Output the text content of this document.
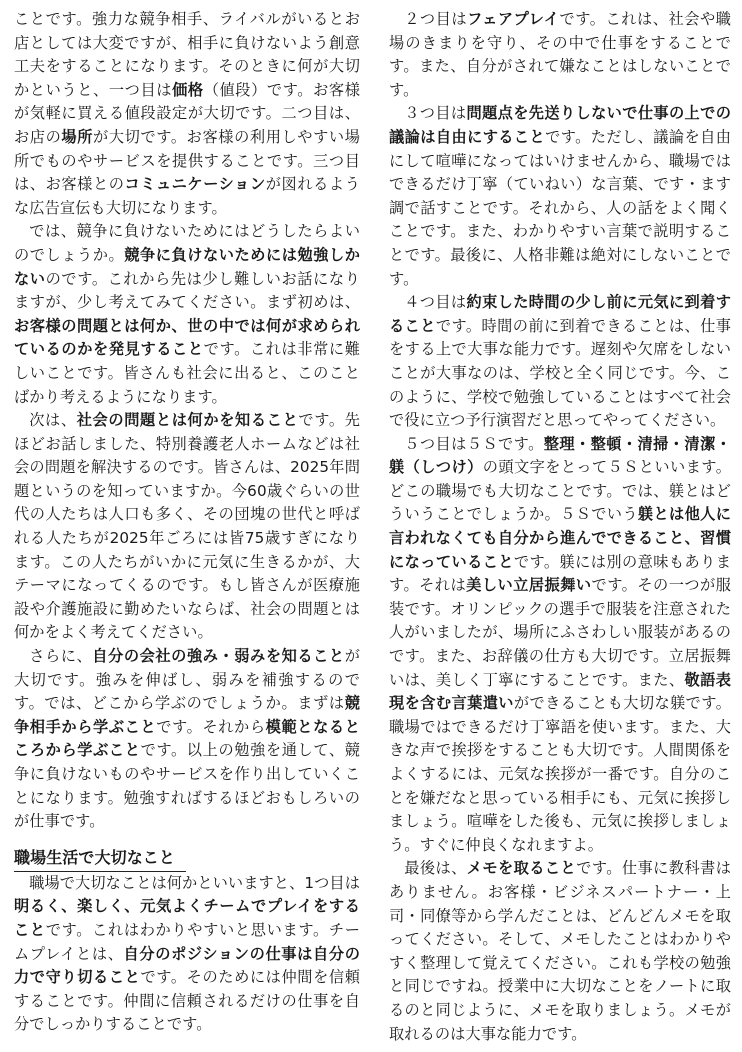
ことです。強力な競争相手、ライバルがいるとお店としては大変ですが、相手に負けないよう創意工夫をすることになります。そのときに何が大切かというと、一つ目は価格（値段）です。お客様が気軽に買える値段設定が大切です。二つ目は、お店の場所が大切です。お客様の利用しやすい場所でものやサービスを提供することです。三つ目は、お客様とのコミュニケーションが図れるような広告宣伝も大切になります。

では、競争に負けないためにはどうしたらよいのでしょうか。競争に負けないためには勉強しかないのです。これから先は少し難しいお話になりますが、少し考えてみてください。まず初めは、お客様の問題とは何か、世の中では何が求められているのかを発見することです。これは非常に難しいことです。皆さんも社会に出ると、このことばかり考えるようになります。

次は、社会の問題とは何かを知ることです。先ほどお話しました、特別養護老人ホームなどは社会の問題を解決するのです。皆さんは、2025年問題というのを知っていますか。今60歳ぐらいの世代の人たちは人口も多く、その団塊の世代と呼ばれる人たちが2025年ごろには皆75歳すぎになります。この人たちがいかに元気に生きるかが、大テーマになってくるのです。もし皆さんが医療施設や介護施設に勤めたいならば、社会の問題とは何かをよく考えてください。

さらに、自分の会社の強み・弱みを知ることが大切です。強みを伸ばし、弱みを補強するのです。では、どこから学ぶのでしょうか。まずは競争相手から学ぶことです。それから模範となるところから学ぶことです。以上の勉強を通して、競争に負けないものやサービスを作り出していくことになります。勉強すればするほどおもしろいのが仕事です。

職場生活で大切なこと

職場で大切なことは何かといいますと、1つ目は明るく、楽しく、元気よくチームでプレイをすることです。これはわかりやすいと思います。チームプレイとは、自分のポジションの仕事は自分の力で守り切ることです。そのためには仲間を信頼することです。仲間に信頼されるだけの仕事を自分でしっかりすることです。

２つ目はフェアプレイです。これは、社会や職場のきまりを守り、その中で仕事をすることです。また、自分がされて嫌なことはしないことです。

３つ目は問題点を先送りしないで仕事の上での議論は自由にすることです。ただし、議論を自由にして喧嘩になってはいけませんから、職場ではできるだけ丁寧（ていねい）な言葉、です・ます調で話すことです。それから、人の話をよく聞くことです。また、わかりやすい言葉で説明することです。最後に、人格非難は絶対にしないことです。

４つ目は約束した時間の少し前に元気に到着することです。時間の前に到着できることは、仕事をする上で大事な能力です。遅刻や欠席をしないことが大事なのは、学校と全く同じです。今、このように、学校で勉強していることはすべて社会で役に立つ予行演習だと思ってやってください。

５つ目は５Ｓです。整理・整頓・清掃・清潔・躾（しつけ）の頭文字をとって５Ｓといいます。どこの職場でも大切なことです。では、躾とはどういうことでしょうか。５Ｓでいう躾とは他人に言われなくても自分から進んでできること、習慣になっていることです。躾には別の意味もあります。それは美しい立居振舞いです。その一つが服装です。オリンピックの選手で服装を注意された人がいましたが、場所にふさわしい服装があるのです。また、お辞儀の仕方も大切です。立居振舞いは、美しく丁寧にすることです。また、敬語表現を含む言葉遣いができることも大切な躾です。職場ではできるだけ丁寧語を使います。また、大きな声で挨拶をすることも大切です。人間関係をよくするには、元気な挨拶が一番です。自分のことを嫌だなと思っている相手にも、元気に挨拶しましょう。喧嘩をした後も、元気に挨拶しましょう。すぐに仲良くなれますよ。

最後は、メモを取ることです。仕事に教科書はありません。お客様・ビジネスパートナー・上司・同僚等から学んだことは、どんどんメモを取ってください。そして、メモしたことはわかりやすく整理して覚えてください。これも学校の勉強と同じですね。授業中に大切なことをノートに取るのと同じように、メモを取りましょう。メモが取れるのは大事な能力です。
